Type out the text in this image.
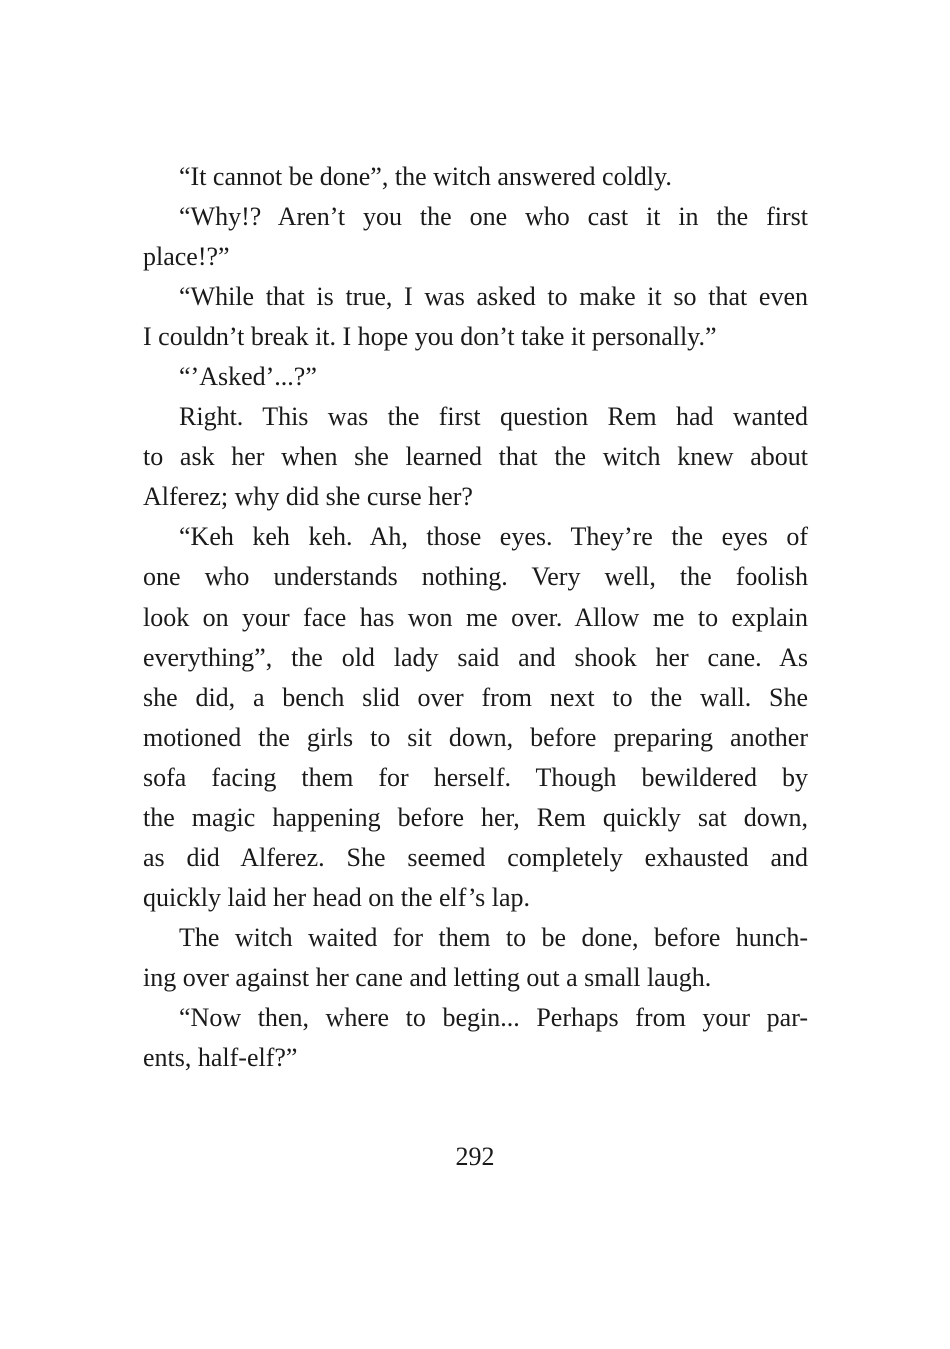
“It cannot be done”, the witch answered coldly.
“Why!? Aren’t you the one who cast it in the first
place!?”
“While that is true, I was asked to make it so that even
I couldn’t break it. I hope you don’t take it personally.”
“’Asked’...?”
Right. This was the first question Rem had wanted
to ask her when she learned that the witch knew about
Alferez; why did she curse her?
“Keh keh keh. Ah, those eyes. They’re the eyes of
one who understands nothing. Very well, the foolish
look on your face has won me over. Allow me to explain
everything”, the old lady said and shook her cane. As
she did, a bench slid over from next to the wall. She
motioned the girls to sit down, before preparing another
sofa facing them for herself. Though bewildered by
the magic happening before her, Rem quickly sat down,
as did Alferez. She seemed completely exhausted and
quickly laid her head on the elf’s lap.
The witch waited for them to be done, before hunch-
ing over against her cane and letting out a small laugh.
“Now then, where to begin... Perhaps from your par-
ents, half-elf?”
292
